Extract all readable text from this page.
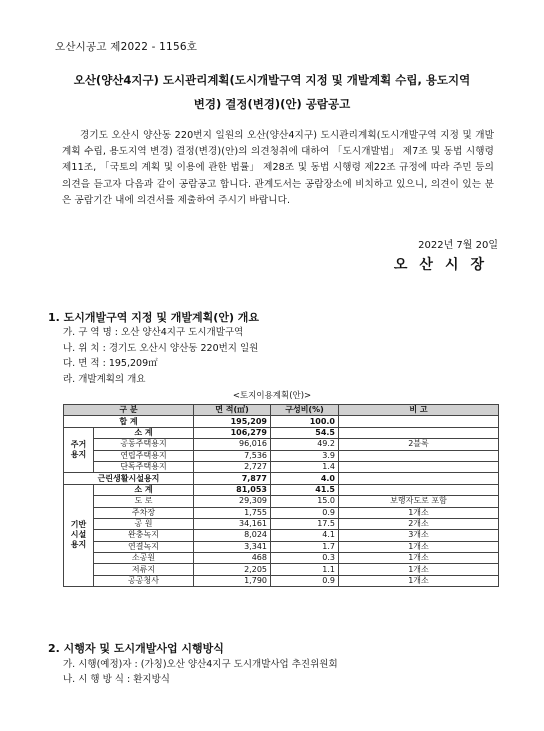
오산시공고 제2022 - 1156호
오산(양산4지구) 도시관리계획(도시개발구역 지정 및 개발계획 수립, 용도지역
변경) 결정(변경)(안) 공람공고
경기도 오산시 양산동 220번지 일원의 오산(양산4지구) 도시관리계획(도시개발구역 지정 및 개발계획 수립, 용도지역 변경) 결정(변경)(안)의 의견청취에 대하여 「도시개발법」 제7조 및 동법 시행령 제11조, 「국토의 계획 및 이용에 관한 법률」 제28조 및 동법 시행령 제22조 규정에 따라 주민 등의 의견을 듣고자 다음과 같이 공람공고 합니다. 관계도서는 공람장소에 비치하고 있으니, 의견이 있는 분은 공람기간 내에 의견서를 제출하여 주시기 바랍니다.
2022년 7월 20일
오산시장
1. 도시개발구역 지정 및 개발계획(안) 개요
가. 구 역 명 : 오산 양산4지구 도시개발구역
나. 위 치 : 경기도 오산시 양산동 220번지 일원
다. 면 적 : 195,209㎡
라. 개발계획의 개요
<토지이용계획(안)>
구 분		면 적(㎡)	구성비(%)	비 고
합 계		195,209	100.0	
주거 용지	소 계	106,279	54.5	
	공동주택용지	96,016	49.2	2블록
	연립주택용지	7,536	3.9	
	단독주택용지	2,727	1.4	
근린생활시설용지		7,877	4.0	
기반 시설 용지	소 계	81,053	41.5	
	도 로	29,309	15.0	보행자도로 포함
	주차장	1,755	0.9	1개소
	공 원	34,161	17.5	2개소
	완충녹지	8,024	4.1	3개소
	연결녹지	3,341	1.7	1개소
	소공원	468	0.3	1개소
	저류지	2,205	1.1	1개소
	공공청사	1,790	0.9	1개소
2. 시행자 및 도시개발사업 시행방식
가. 시행(예정)자 : (가칭)오산 양산4지구 도시개발사업 추진위원회
나. 시 행 방 식 : 환지방식
